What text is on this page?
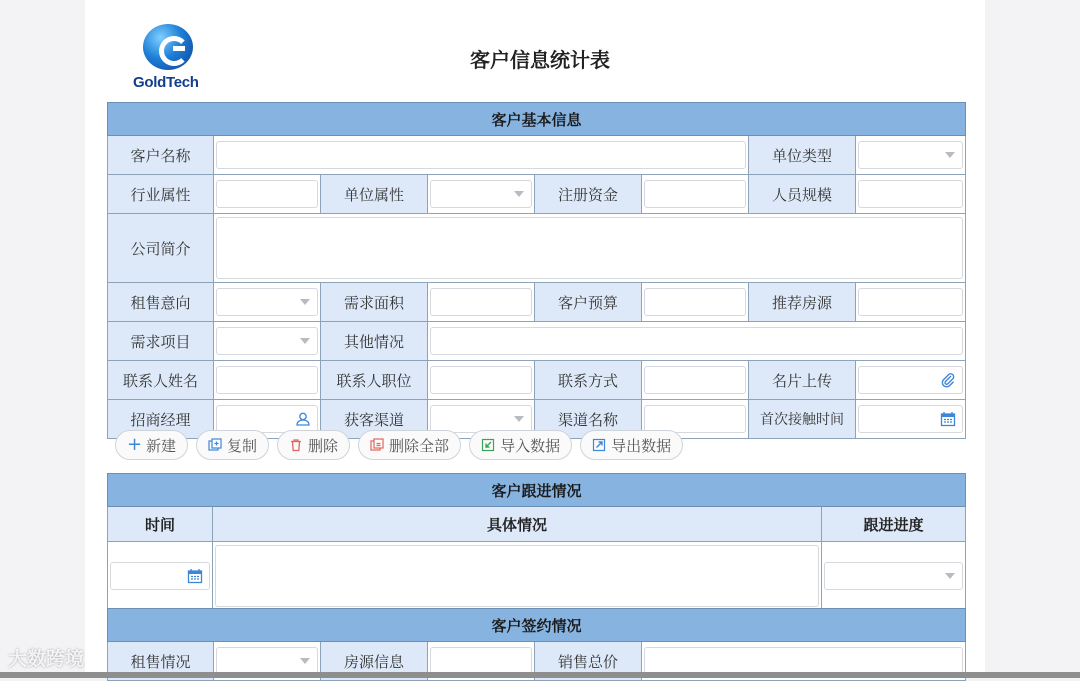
GoldTech
客户信息统计表
客户基本信息							
客户名称						单位类型	

行业属性		单位属性		注册资金		人员规模	

公司简介							

租售意向		需求面积		客户预算		推荐房源	

需求项目		其他情况					

联系人姓名		联系人职位		联系方式		名片上传	

招商经理		获客渠道		渠道名称		首次接触时间	
+ 新建	复制	删除	删除全部	导入数据	导出数据
客户跟进情况		
时间	具体情况	跟进进度

客户签约情况
租售情况		房源信息		销售总价	
大数跨境
